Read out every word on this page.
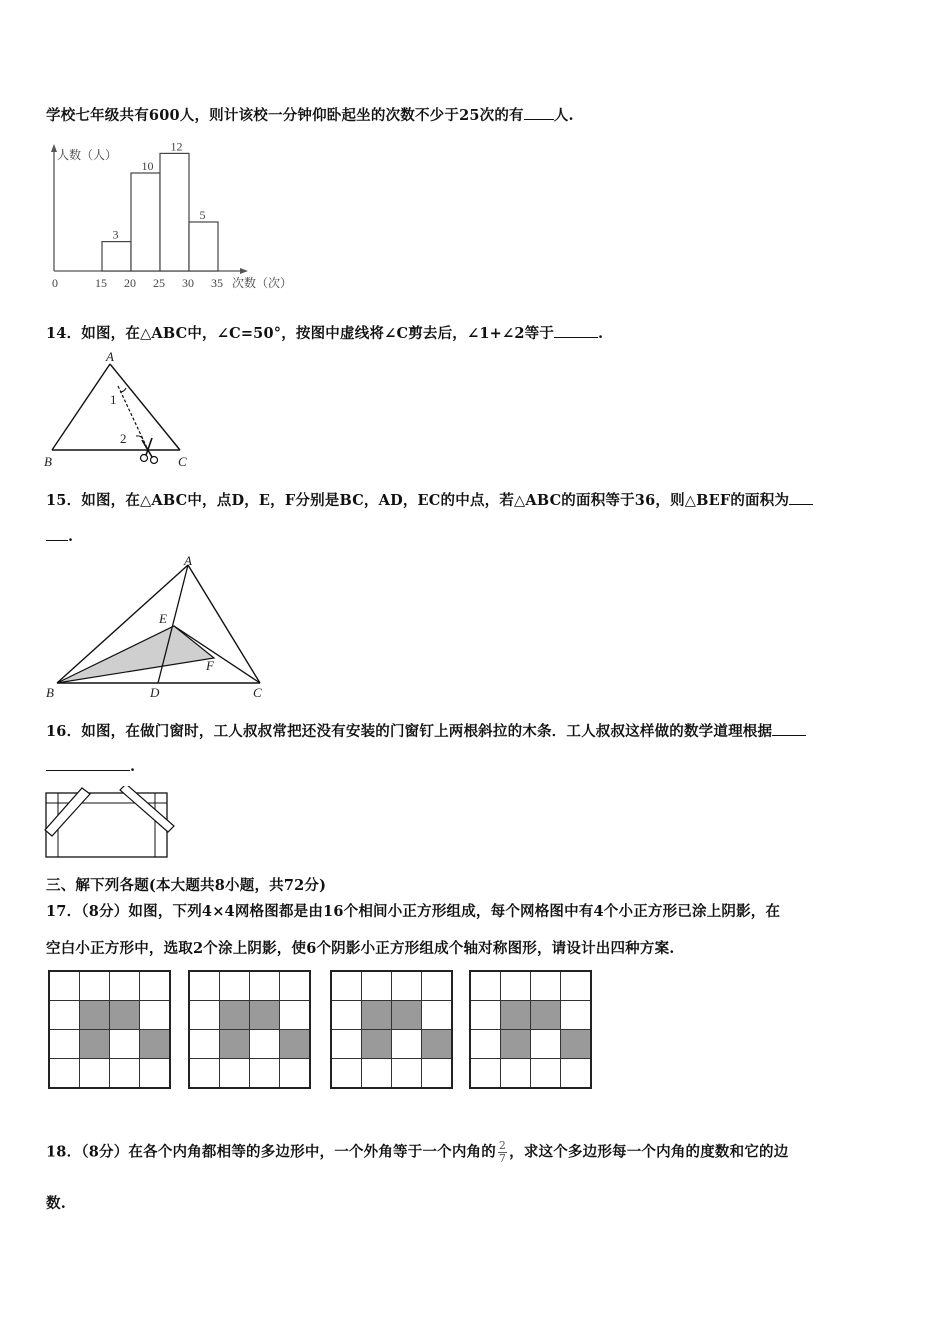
学校七年级共有600人，则计该校一分钟仰卧起坐的次数不少于25次的有 人.
3
10
12
5
15 20 25 30 35
0
人数（人）
次数（次）
14．如图，在△ABC中，∠C=50°，按图中虚线将∠C剪去后，∠1+∠2等于	.
A
B	C
1
2
15．如图，在△ABC中，点D，E，F分别是BC，AD，EC的中点，若△ABC的面积等于36，则△BEF的面积为
.
A
B	C
D
E
F
16．如图，在做门窗时，工人叔叔常把还没有安装的门窗钉上两根斜拉的木条．工人叔叔这样做的数学道理根据
.
三、解下列各题(本大题共8小题，共72分)
17．（8分）如图，下列4×4网格图都是由16个相间小正方形组成，每个网格图中有4个小正方形已涂上阴影，在
空白小正方形中，选取2个涂上阴影，使6个阴影小正方形组成个轴对称图形，请设计出四种方案.

18．（8分）在各个内角都相等的多边形中，一个外角等于一个内角的 $\frac{2}{7}$ ，求这个多边形每一个内角的度数和它的边
数.
